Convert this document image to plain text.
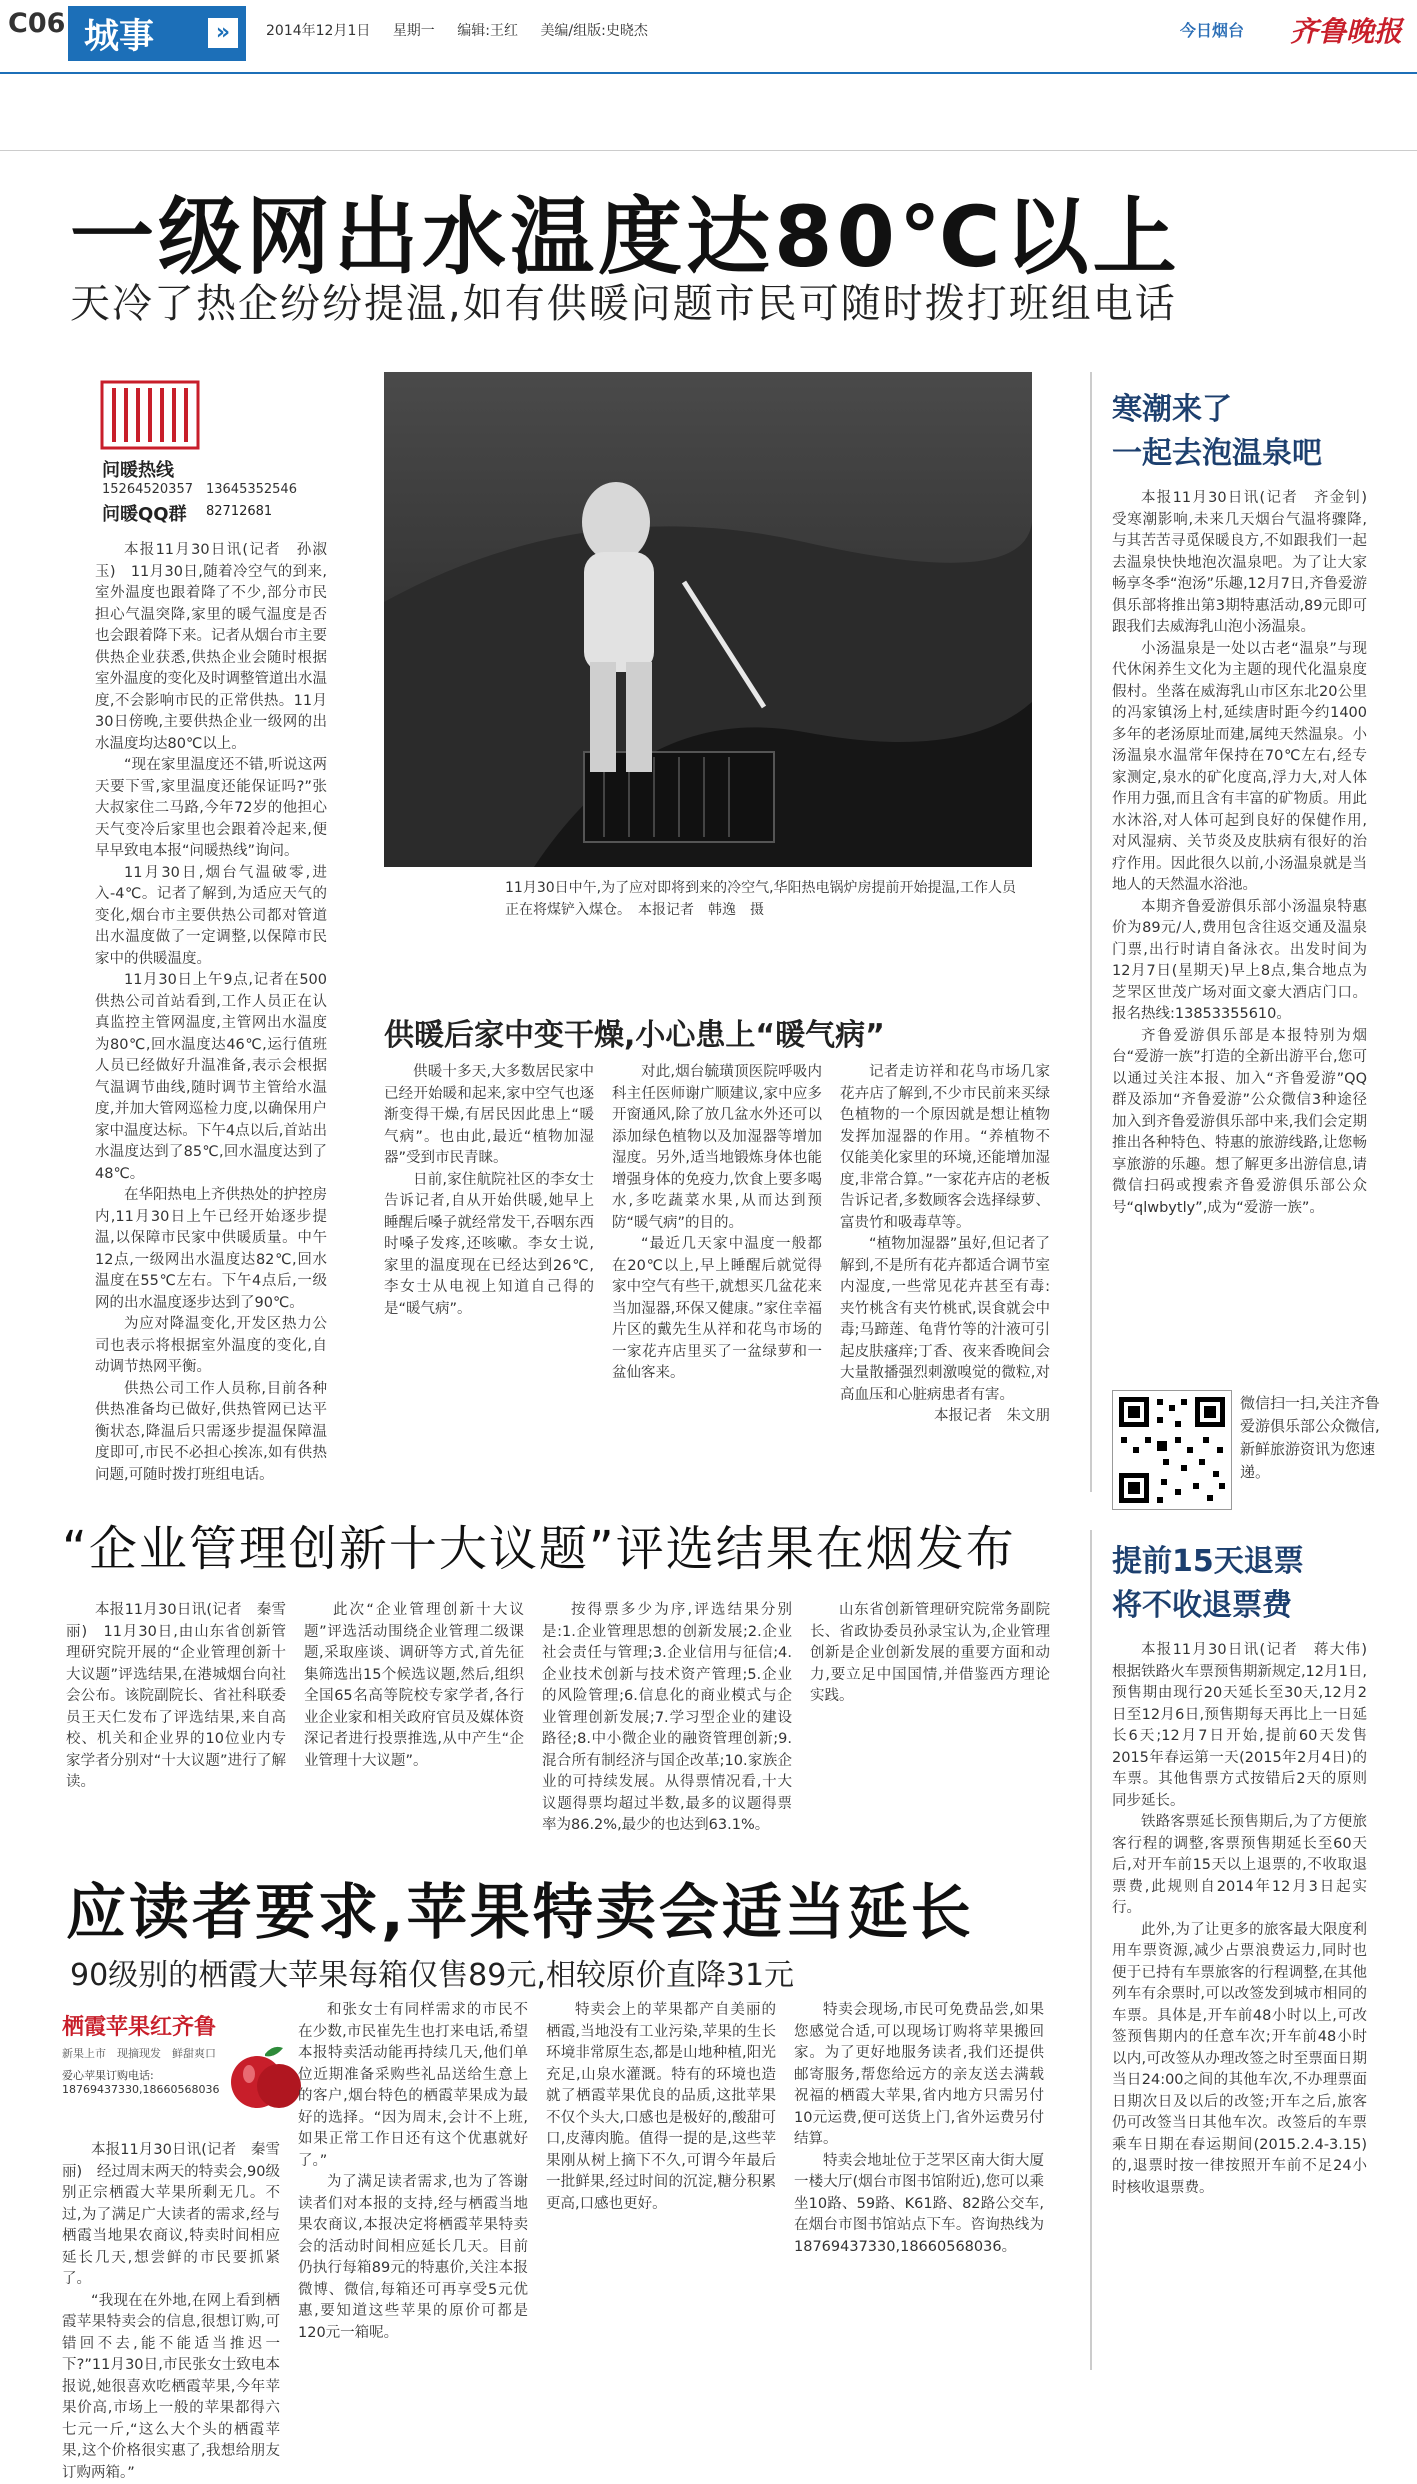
C06 城事	»	2014年12月1日 星期一 编辑:王红 美编/组版:史晓杰	今日烟台 齐鲁晚报
一级网出水温度达80℃以上
天冷了热企纷纷提温,如有供暖问题市民可随时拨打班组电话
问暖热线
15264520357　13645352546
问暖QQ群 82712681

本报11月30日讯(记者　孙淑玉)　11月30日,随着冷空气的到来,室外温度也跟着降了不少,部分市民担心气温突降,家里的暖气温度是否也会跟着降下来。记者从烟台市主要供热企业获悉,供热企业会随时根据室外温度的变化及时调整管道出水温度,不会影响市民的正常供热。11月30日傍晚,主要供热企业一级网的出水温度均达80℃以上。

“现在家里温度还不错,听说这两天要下雪,家里温度还能保证吗?”张大叔家住二马路,今年72岁的他担心天气变冷后家里也会跟着冷起来,便早早致电本报“问暖热线”询问。

11月30日,烟台气温破零,进入-4℃。记者了解到,为适应天气的变化,烟台市主要供热公司都对管道出水温度做了一定调整,以保障市民家中的供暖温度。

11月30日上午9点,记者在500供热公司首站看到,工作人员正在认真监控主管网温度,主管网出水温度为80℃,回水温度达46℃,运行值班人员已经做好升温准备,表示会根据气温调节曲线,随时调节主管给水温度,并加大管网巡检力度,以确保用户家中温度达标。下午4点以后,首站出水温度达到了85℃,回水温度达到了48℃。

在华阳热电上齐供热处的护控房内,11月30日上午已经开始逐步提温,以保障市民家中供暖质量。中午12点,一级网出水温度达82℃,回水温度在55℃左右。下午4点后,一级网的出水温度逐步达到了90℃。

为应对降温变化,开发区热力公司也表示将根据室外温度的变化,自动调节热网平衡。

供热公司工作人员称,目前各种供热准备均已做好,供热管网已达平衡状态,降温后只需逐步提温保障温度即可,市民不必担心挨冻,如有供热问题,可随时拨打班组电话。

11月30日中午,为了应对即将到来的冷空气,华阳热电锅炉房提前开始提温,工作人员正在将煤铲入煤仓。　本报记者　韩逸　摄
供暖后家中变干燥,小心患上“暖气病”

供暖十多天,大多数居民家中已经开始暖和起来,家中空气也逐渐变得干燥,有居民因此患上“暖气病”。也由此,最近“植物加湿器”受到市民青睐。

日前,家住航院社区的李女士告诉记者,自从开始供暖,她早上睡醒后嗓子就经常发干,吞咽东西时嗓子发疼,还咳嗽。李女士说,家里的温度现在已经达到26℃,李女士从电视上知道自己得的是“暖气病”。

对此,烟台毓璜顶医院呼吸内科主任医师谢广顺建议,家中应多开窗通风,除了放几盆水外还可以添加绿色植物以及加湿器等增加湿度。另外,适当地锻炼身体也能增强身体的免疫力,饮食上要多喝水,多吃蔬菜水果,从而达到预防“暖气病”的目的。

“最近几天家中温度一般都在20℃以上,早上睡醒后就觉得家中空气有些干,就想买几盆花来当加湿器,环保又健康。”家住幸福片区的戴先生从祥和花鸟市场的一家花卉店里买了一盆绿萝和一盆仙客来。

记者走访祥和花鸟市场几家花卉店了解到,不少市民前来买绿色植物的一个原因就是想让植物发挥加湿器的作用。“养植物不仅能美化家里的环境,还能增加湿度,非常合算。”一家花卉店的老板告诉记者,多数顾客会选择绿萝、富贵竹和吸毒草等。

“植物加湿器”虽好,但记者了解到,不是所有花卉都适合调节室内湿度,一些常见花卉甚至有毒:夹竹桃含有夹竹桃甙,误食就会中毒;马蹄莲、龟背竹等的汁液可引起皮肤瘙痒;丁香、夜来香晚间会大量散播强烈刺激嗅觉的微粒,对高血压和心脏病患者有害。

本报记者　朱文朋
寒潮来了
一起去泡温泉吧

本报11月30日讯(记者　齐金钊)　受寒潮影响,未来几天烟台气温将骤降,与其苦苦寻觅保暖良方,不如跟我们一起去温泉快快地泡次温泉吧。为了让大家畅享冬季“泡汤”乐趣,12月7日,齐鲁爱游俱乐部将推出第3期特惠活动,89元即可跟我们去威海乳山泡小汤温泉。

小汤温泉是一处以古老“温泉”与现代休闲养生文化为主题的现代化温泉度假村。坐落在威海乳山市区东北20公里的冯家镇汤上村,延续唐时距今约1400多年的老汤原址而建,属纯天然温泉。小汤温泉水温常年保持在70℃左右,经专家测定,泉水的矿化度高,浮力大,对人体作用力强,而且含有丰富的矿物质。用此水沐浴,对人体可起到良好的保健作用,对风湿病、关节炎及皮肤病有很好的治疗作用。因此很久以前,小汤温泉就是当地人的天然温水浴池。

本期齐鲁爱游俱乐部小汤温泉特惠价为89元/人,费用包含往返交通及温泉门票,出行时请自备泳衣。出发时间为12月7日(星期天)早上8点,集合地点为芝罘区世茂广场对面文豪大酒店门口。报名热线:13853355610。

齐鲁爱游俱乐部是本报特别为烟台“爱游一族”打造的全新出游平台,您可以通过关注本报、加入“齐鲁爱游”QQ群及添加“齐鲁爱游”公众微信3种途径加入到齐鲁爱游俱乐部中来,我们会定期推出各种特色、特惠的旅游线路,让您畅享旅游的乐趣。想了解更多出游信息,请微信扫码或搜索齐鲁爱游俱乐部公众号“qlwbytly”,成为“爱游一族”。

微信扫一扫,关注齐鲁爱游俱乐部公众微信,新鲜旅游资讯为您速递。
提前15天退票
将不收退票费

本报11月30日讯(记者　蒋大伟)　根据铁路火车票预售期新规定,12月1日,预售期由现行20天延长至30天,12月2日至12月6日,预售期每天再比上一日延长6天;12月7日开始,提前60天发售2015年春运第一天(2015年2月4日)的车票。其他售票方式按错后2天的原则同步延长。

铁路客票延长预售期后,为了方便旅客行程的调整,客票预售期延长至60天后,对开车前15天以上退票的,不收取退票费,此规则自2014年12月3日起实行。

此外,为了让更多的旅客最大限度利用车票资源,减少占票浪费运力,同时也便于已持有车票旅客的行程调整,在其他列车有余票时,可以改签发到城市相同的车票。具体是,开车前48小时以上,可改签预售期内的任意车次;开车前48小时以内,可改签从办理改签之时至票面日期当日24:00之间的其他车次,不办理票面日期次日及以后的改签;开车之后,旅客仍可改签当日其他车次。改签后的车票乘车日期在春运期间(2015.2.4-3.15)的,退票时按一律按照开车前不足24小时核收退票费。

“企业管理创新十大议题”评选结果在烟发布

本报11月30日讯(记者　秦雪丽)　11月30日,由山东省创新管理研究院开展的“企业管理创新十大议题”评选结果,在港城烟台向社会公布。该院副院长、省社科联委员王天仁发布了评选结果,来自高校、机关和企业界的10位业内专家学者分别对“十大议题”进行了解读。

此次“企业管理创新十大议题”评选活动围绕企业管理二级课题,采取座谈、调研等方式,首先征集筛选出15个候选议题,然后,组织全国65名高等院校专家学者,各行业企业家和相关政府官员及媒体资深记者进行投票推选,从中产生“企业管理十大议题”。

按得票多少为序,评选结果分别是:1.企业管理思想的创新发展;2.企业社会责任与管理;3.企业信用与征信;4.企业技术创新与技术资产管理;5.企业的风险管理;6.信息化的商业模式与企业管理创新发展;7.学习型企业的建设路径;8.中小微企业的融资管理创新;9.混合所有制经济与国企改革;10.家族企业的可持续发展。从得票情况看,十大议题得票均超过半数,最多的议题得票率为86.2%,最少的也达到63.1%。

山东省创新管理研究院常务副院长、省政协委员孙录宝认为,企业管理创新是企业创新发展的重要方面和动力,要立足中国国情,并借鉴西方理论实践。

应读者要求,苹果特卖会适当延长
90级别的栖霞大苹果每箱仅售89元,相较原价直降31元
栖霞苹果红齐鲁
新果上市　现摘现发　鲜甜爽口
爱心苹果订购电话:
18769437330,18660568036

本报11月30日讯(记者　秦雪丽)　经过周末两天的特卖会,90级别正宗栖霞大苹果所剩无几。不过,为了满足广大读者的需求,经与栖霞当地果农商议,特卖时间相应延长几天,想尝鲜的市民要抓紧了。

“我现在在外地,在网上看到栖霞苹果特卖会的信息,很想订购,可错回不去,能不能适当推迟一下?”11月30日,市民张女士致电本报说,她很喜欢吃栖霞苹果,今年苹果价高,市场上一般的苹果都得六七元一斤,“这么大个头的栖霞苹果,这个价格很实惠了,我想给朋友订购两箱。”

和张女士有同样需求的市民不在少数,市民崔先生也打来电话,希望本报特卖活动能再持续几天,他们单位近期准备采购些礼品送给生意上的客户,烟台特色的栖霞苹果成为最好的选择。“因为周末,会计不上班,如果正常工作日还有这个优惠就好了。”

为了满足读者需求,也为了答谢读者们对本报的支持,经与栖霞当地果农商议,本报决定将栖霞苹果特卖会的活动时间相应延长几天。目前仍执行每箱89元的特惠价,关注本报微博、微信,每箱还可再享受5元优惠,要知道这些苹果的原价可都是120元一箱呢。

特卖会上的苹果都产自美丽的栖霞,当地没有工业污染,苹果的生长环境非常原生态,都是山地种植,阳光充足,山泉水灌溉。特有的环境也造就了栖霞苹果优良的品质,这批苹果不仅个头大,口感也是极好的,酸甜可口,皮薄肉脆。值得一提的是,这些苹果刚从树上摘下不久,可谓今年最后一批鲜果,经过时间的沉淀,糖分积累更高,口感也更好。

特卖会现场,市民可免费品尝,如果您感觉合适,可以现场订购将苹果搬回家。为了更好地服务读者,我们还提供邮寄服务,帮您给远方的亲友送去满载祝福的栖霞大苹果,省内地方只需另付10元运费,便可送货上门,省外运费另付结算。

特卖会地址位于芝罘区南大街大厦一楼大厅(烟台市图书馆附近),您可以乘坐10路、59路、K61路、82路公交车,在烟台市图书馆站点下车。咨询热线为18769437330,18660568036。
